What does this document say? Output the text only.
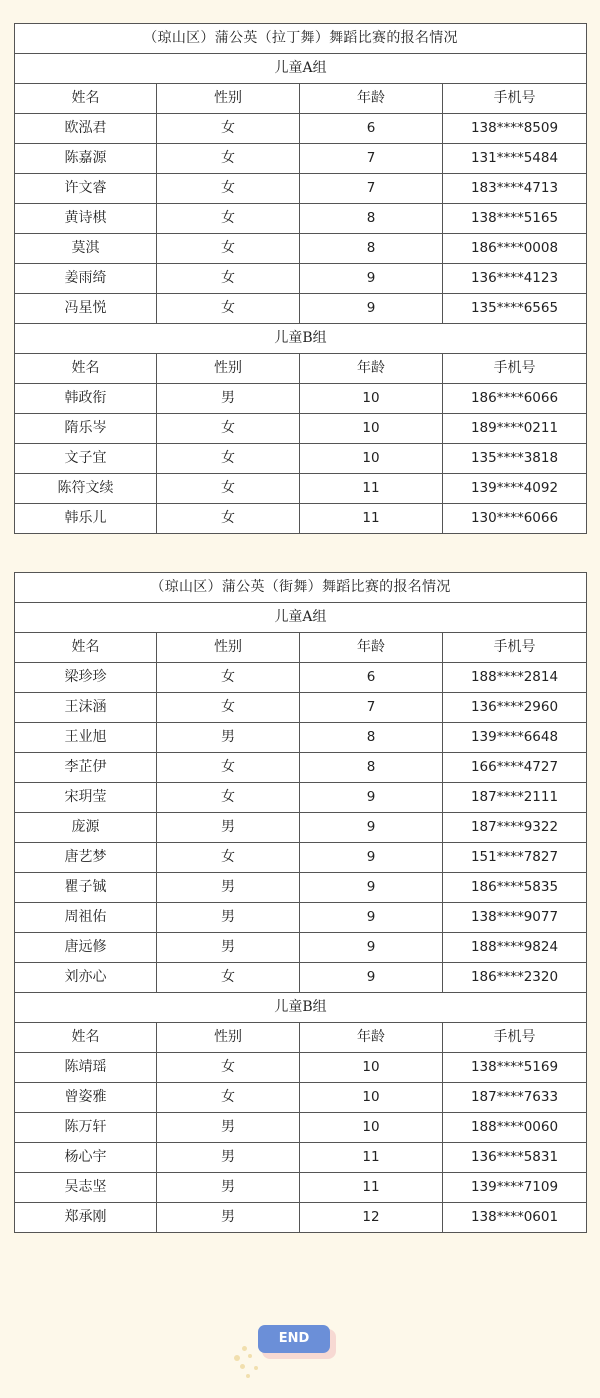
（琼山区）蒲公英（拉丁舞）舞蹈比赛的报名情况			
儿童A组			
姓名	性别	年龄	手机号
欧泓君	女	6	138****8509
陈嘉源	女	7	131****5484
许文睿	女	7	183****4713
黄诗棋	女	8	138****5165
莫淇	女	8	186****0008
姜雨绮	女	9	136****4123
冯星悦	女	9	135****6565
儿童B组			
姓名	性别	年龄	手机号
韩政衔	男	10	186****6066
隋乐岑	女	10	189****0211
文子宜	女	10	135****3818
陈符文续	女	11	139****4092
韩乐儿	女	11	130****6066
（琼山区）蒲公英（街舞）舞蹈比赛的报名情况			
儿童A组			
姓名	性别	年龄	手机号
梁珍珍	女	6	188****2814
王沫涵	女	7	136****2960
王业旭	男	8	139****6648
李芷伊	女	8	166****4727
宋玥莹	女	9	187****2111
庞源	男	9	187****9322
唐艺梦	女	9	151****7827
瞿子铖	男	9	186****5835
周祖佑	男	9	138****9077
唐远修	男	9	188****9824
刘亦心	女	9	186****2320
儿童B组			
姓名	性别	年龄	手机号
陈靖瑶	女	10	138****5169
曾姿雅	女	10	187****7633
陈万轩	男	10	188****0060
杨心宇	男	11	136****5831
吴志坚	男	11	139****7109
郑承刚	男	12	138****0601
END
